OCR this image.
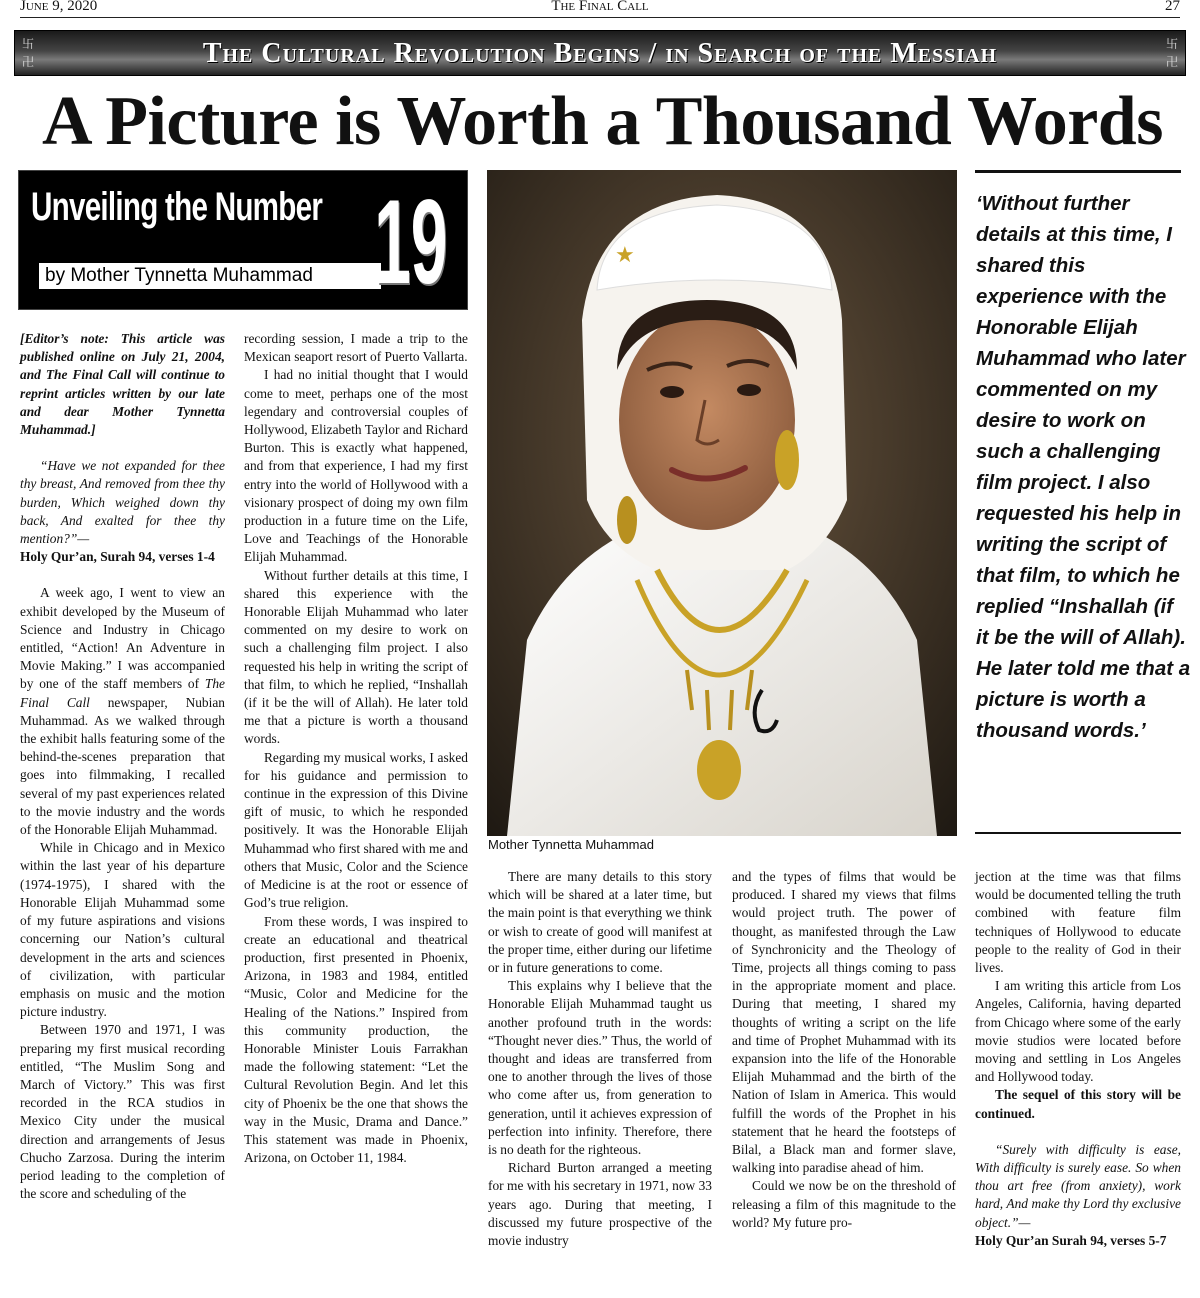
June 9, 2020	The Final Call	27
卐
卍	The Cultural Revolution Begins / in Search of the Messiah	卐
卍
A Picture is Worth a Thousand Words
Unveiling the Number
by Mother Tynnetta Muhammad 19

[Editor’s note: This article was published online on July 21, 2004, and The Final Call will continue to reprint articles written by our late and dear Mother Tynnetta Muhammad.]

“Have we not expanded for thee thy breast, And removed from thee thy burden, Which weighed down thy back, And exalted for thee thy mention?”—

Holy Qur’an, Surah 94, verses 1-4

A week ago, I went to view an exhibit developed by the Museum of Science and Industry in Chicago entitled, “Action! An Adventure in Movie Making.” I was accompanied by one of the staff members of The Final Call newspaper, Nubian Muhammad. As we walked through the exhibit halls featuring some of the behind-the-scenes preparation that goes into filmmaking, I recalled several of my past experiences related to the movie industry and the words of the Honorable Elijah Muhammad.

While in Chicago and in Mexico within the last year of his departure (1974-1975), I shared with the Honorable Elijah Muhammad some of my future aspirations and visions concerning our Nation’s cultural development in the arts and sciences of civilization, with particular emphasis on music and the motion picture industry.

Between 1970 and 1971, I was preparing my first musical recording entitled, “The Muslim Song and March of Victory.” This was first recorded in the RCA studios in Mexico City under the musical direction and arrangements of Jesus Chucho Zarzosa. During the interim period leading to the completion of the score and scheduling of the

recording session, I made a trip to the Mexican seaport resort of Puerto Vallarta.

I had no initial thought that I would come to meet, perhaps one of the most legendary and controversial couples of Hollywood, Elizabeth Taylor and Richard Burton. This is exactly what happened, and from that experience, I had my first entry into the world of Hollywood with a visionary prospect of doing my own film production in a future time on the Life, Love and Teachings of the Honorable Elijah Muhammad.

Without further details at this time, I shared this experience with the Honorable Elijah Muhammad who later commented on my desire to work on such a challenging film project. I also requested his help in writing the script of that film, to which he replied, “Inshallah (if it be the will of Allah). He later told me that a picture is worth a thousand words.

Regarding my musical works, I asked for his guidance and permission to continue in the expression of this Divine gift of music, to which he responded positively. It was the Honorable Elijah Muhammad who first shared with me and others that Music, Color and the Science of Medicine is at the root or essence of God’s true religion.

From these words, I was inspired to create an educational and theatrical production, first presented in Phoenix, Arizona, in 1983 and 1984, entitled “Music, Color and Medicine for the Healing of the Nations.” Inspired from this community production, the Honorable Minister Louis Farrakhan made the following statement: “Let the Cultural Revolution Begin. And let this city of Phoenix be the one that shows the way in the Music, Drama and Dance.” This statement was made in Phoenix, Arizona, on October 11, 1984.

★
Mother Tynnetta Muhammad
‘Without further details at this time, I shared this experience with the Honorable Elijah Muhammad who later commented on my desire to work on such a challenging film project. I also requested his help in writing the script of that film, to which he replied “Inshallah (if it be the will of Allah). He later told me that a picture is worth a thousand words.’

There are many details to this story which will be shared at a later time, but the main point is that everything we think or wish to create of good will manifest at the proper time, either during our lifetime or in future generations to come.

This explains why I believe that the Honorable Elijah Muhammad taught us another profound truth in the words: “Thought never dies.” Thus, the world of thought and ideas are transferred from one to another through the lives of those who come after us, from generation to generation, until it achieves expression of perfection into infinity. Therefore, there is no death for the righteous.

Richard Burton arranged a meeting for me with his secretary in 1971, now 33 years ago. During that meeting, I discussed my future prospective of the movie industry

and the types of films that would be produced. I shared my views that films would project truth. The power of thought, as manifested through the Law of Synchronicity and the Theology of Time, projects all things coming to pass in the appropriate moment and place. During that meeting, I shared my thoughts of writing a script on the life and time of Prophet Muhammad with its expansion into the life of the Honorable Elijah Muhammad and the birth of the Nation of Islam in America. This would fulfill the words of the Prophet in his statement that he heard the footsteps of Bilal, a Black man and former slave, walking into paradise ahead of him.

Could we now be on the threshold of releasing a film of this magnitude to the world? My future pro-

jection at the time was that films would be documented telling the truth combined with feature film techniques of Hollywood to educate people to the reality of God in their lives.

I am writing this article from Los Angeles, California, having departed from Chicago where some of the early movie studios were located before moving and settling in Los Angeles and Hollywood today.

The sequel of this story will be continued.

“Surely with difficulty is ease, With difficulty is surely ease. So when thou art free (from anxiety), work hard, And make thy Lord thy exclusive object.”—

Holy Qur’an Surah 94, verses 5-7
